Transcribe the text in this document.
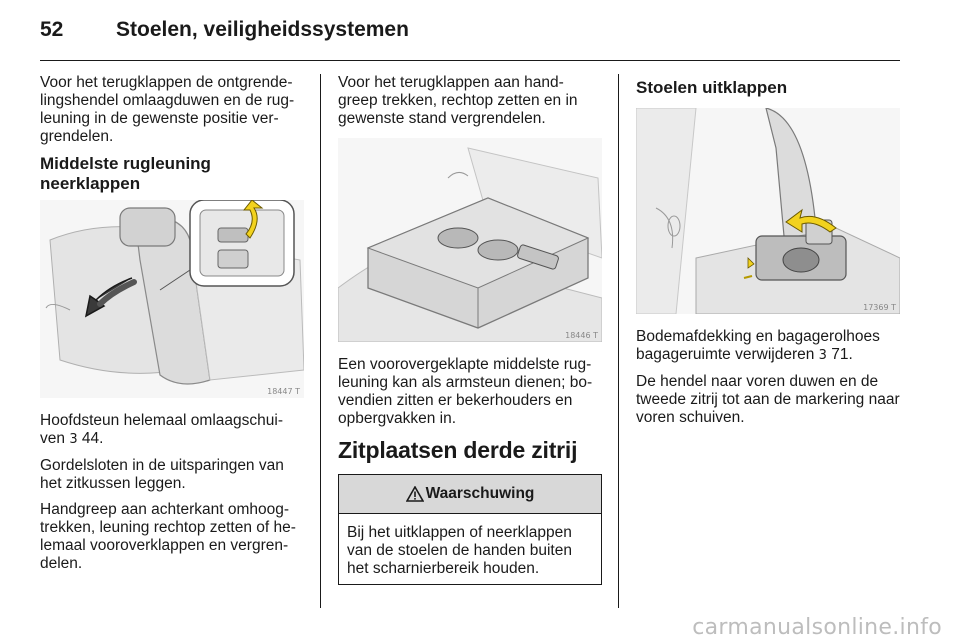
52	Stoelen, veiligheidssystemen

Voor het terugklappen de ontgrende-lingshendel omlaagduwen en de rug-leuning in de gewenste positie ver-grendelen.

Middelste rugleuning neerklappen
18447 T

Hoofdsteun helemaal omlaagschui-ven 3 44.

Gordelsloten in de uitsparingen van het zitkussen leggen.

Handgreep aan achterkant omhoog-trekken, leuning rechtop zetten of he-lemaal vooroverklappen en vergren-delen.

Voor het terugklappen aan hand-greep trekken, rechtop zetten en in gewenste stand vergrendelen.

18446 T

Een voorovergeklapte middelste rug-leuning kan als armsteun dienen; bo-vendien zitten er bekerhouders en opbergvakken in.

Zitplaatsen derde zitrij
Waarschuwing

Bij het uitklappen of neerklappen van de stoelen de handen buiten het scharnierbereik houden.

Stoelen uitklappen
17369 T

Bodemafdekking en bagagerolhoes bagageruimte verwijderen 3 71.

De hendel naar voren duwen en de tweede zitrij tot aan de markering naar voren schuiven.

carmanualsonline.info
